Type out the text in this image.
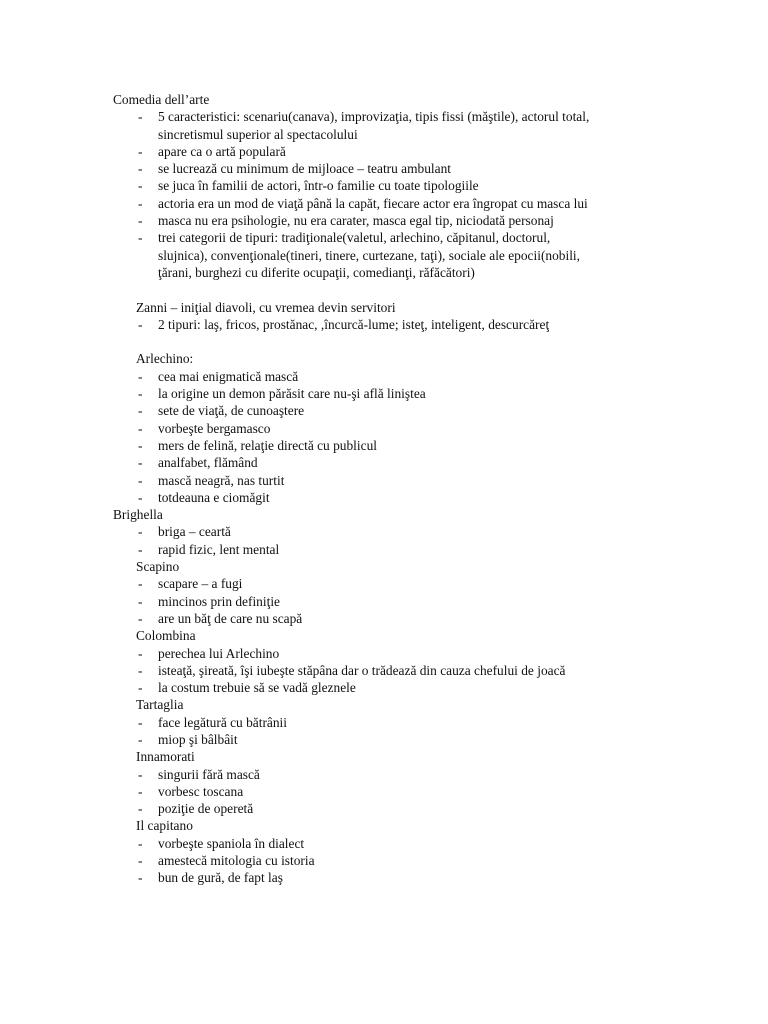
Comedia dell’arte
- 5 caracteristici: scenariu(canava), improvizaţia, tipis fissi (măştile), actorul total,
sincretismul superior al spectacolului
- apare ca o artă populară
- se lucrează cu minimum de mijloace – teatru ambulant
- se juca în familii de actori, într-o familie cu toate tipologiile
- actoria era un mod de viaţă până la capăt, fiecare actor era îngropat cu masca lui
- masca nu era psihologie, nu era carater, masca egal tip, niciodată personaj
- trei categorii de tipuri: tradiţionale(valetul, arlechino, căpitanul, doctorul,
slujnica), convenţionale(tineri, tinere, curtezane, taţi), sociale ale epocii(nobili,
ţărani, burghezi cu diferite ocupaţii, comedianţi, răfăcători)
Zanni – iniţial diavoli, cu vremea devin servitori
- 2 tipuri: laş, fricos, prostănac, ,încurcă-lume; isteţ, inteligent, descurcăreţ
Arlechino:
- cea mai enigmatică mască
- la origine un demon părăsit care nu-şi află liniştea
- sete de viaţă, de cunoaştere
- vorbeşte bergamasco
- mers de felină, relaţie directă cu publicul
- analfabet, flămând
- mască neagră, nas turtit
- totdeauna e ciomăgit
Brighella
- briga – ceartă
- rapid fizic, lent mental
Scapino
- scapare – a fugi
- mincinos prin definiţie
- are un băţ de care nu scapă
Colombina
- perechea lui Arlechino
- isteaţă, şireată, îşi iubeşte stăpâna dar o trădează din cauza chefului de joacă
- la costum trebuie să se vadă gleznele
Tartaglia
- face legătură cu bătrânii
- miop şi bâlbâit
Innamorati
- singurii fără mască
- vorbesc toscana
- poziţie de operetă
Il capitano
- vorbeşte spaniola în dialect
- amestecă mitologia cu istoria
- bun de gură, de fapt laş
